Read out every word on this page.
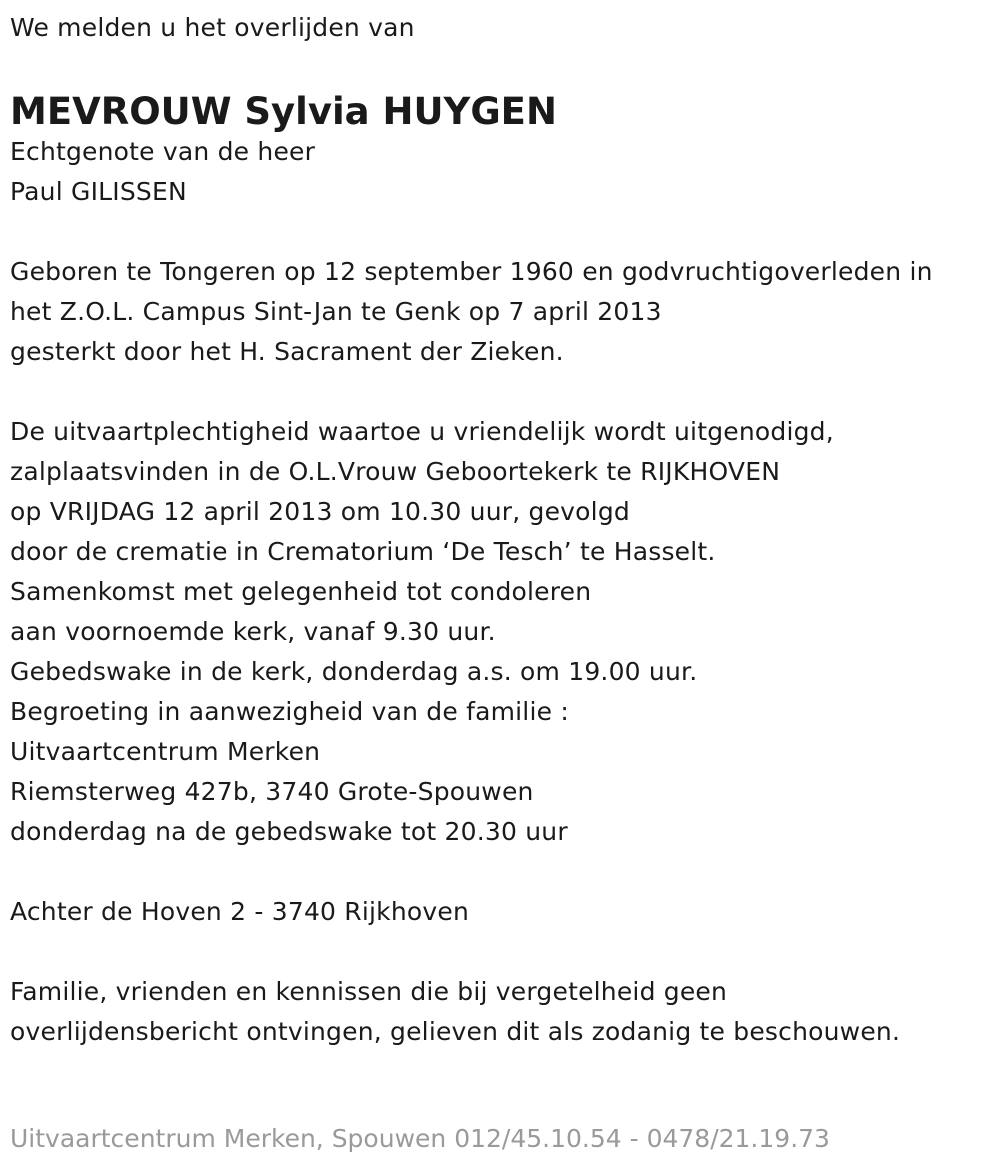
We melden u het overlijden van

MEVROUW Sylvia HUYGEN

Echtgenote van de heer

Paul GILISSEN

Geboren te Tongeren op 12 september 1960 en godvruchtigoverleden in

het Z.O.L. Campus Sint-Jan te Genk op 7 april 2013

gesterkt door het H. Sacrament der Zieken.

De uitvaartplechtigheid waartoe u vriendelijk wordt uitgenodigd,

zalplaatsvinden in de O.L.Vrouw Geboortekerk te RIJKHOVEN

op VRIJDAG 12 april 2013 om 10.30 uur, gevolgd

door de crematie in Crematorium ‘De Tesch’ te Hasselt.

Samenkomst met gelegenheid tot condoleren

aan voornoemde kerk, vanaf 9.30 uur.

Gebedswake in de kerk, donderdag a.s. om 19.00 uur.

Begroeting in aanwezigheid van de familie :

Uitvaartcentrum Merken

Riemsterweg 427b, 3740 Grote-Spouwen

donderdag na de gebedswake tot 20.30 uur

Achter de Hoven 2 - 3740 Rijkhoven

Familie, vrienden en kennissen die bij vergetelheid geen

overlijdensbericht ontvingen, gelieven dit als zodanig te beschouwen.

Uitvaartcentrum Merken, Spouwen 012/45.10.54 - 0478/21.19.73
